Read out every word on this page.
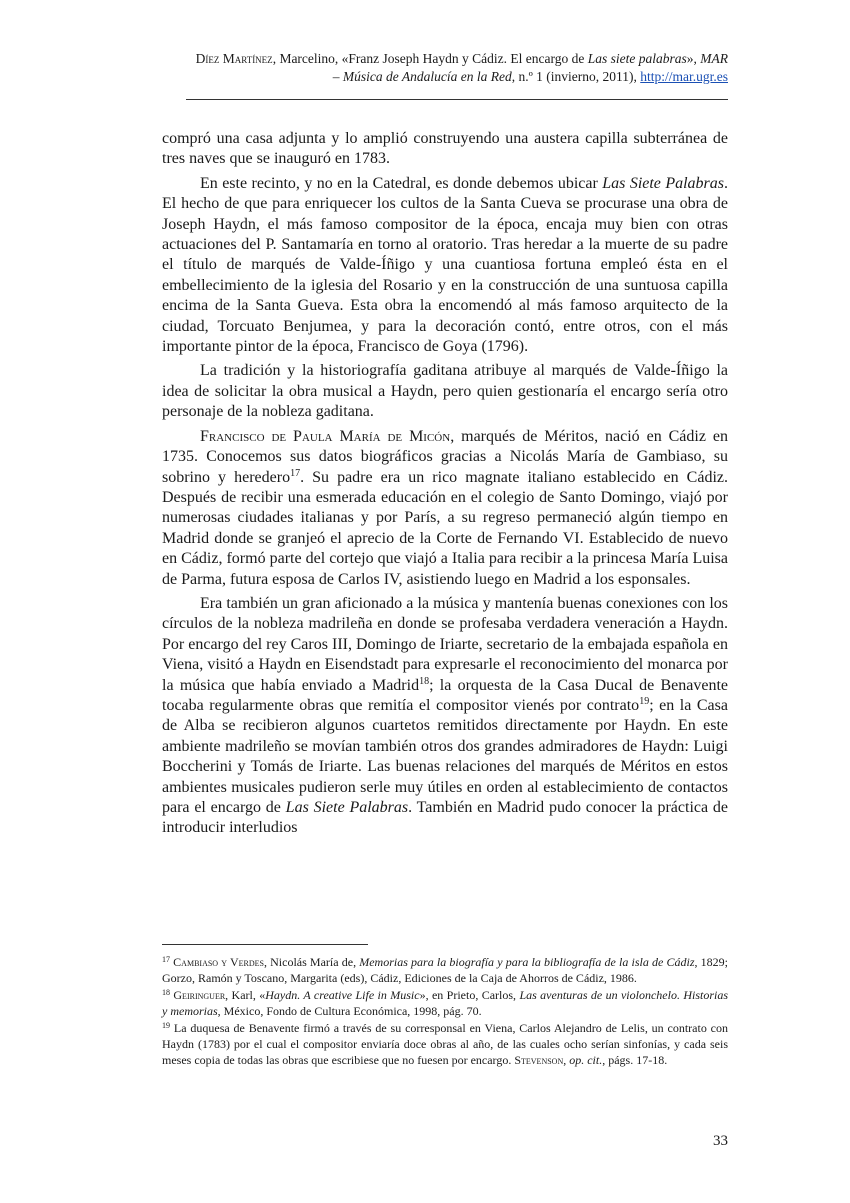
Díez Martínez, Marcelino, «Franz Joseph Haydn y Cádiz. El encargo de Las siete palabras», MAR
– Música de Andalucía en la Red, n.º 1 (invierno, 2011), http://mar.ugr.es

compró una casa adjunta y lo amplió construyendo una austera capilla subterránea de tres naves que se inauguró en 1783.

En este recinto, y no en la Catedral, es donde debemos ubicar Las Siete Palabras. El hecho de que para enriquecer los cultos de la Santa Cueva se procurase una obra de Joseph Haydn, el más famoso compositor de la época, encaja muy bien con otras actuaciones del P. Santamaría en torno al oratorio. Tras heredar a la muerte de su padre el título de marqués de Valde-Íñigo y una cuantiosa fortuna empleó ésta en el embellecimiento de la iglesia del Rosario y en la construcción de una suntuosa capilla encima de la Santa Gueva. Esta obra la encomendó al más famoso arquitecto de la ciudad, Torcuato Benjumea, y para la decoración contó, entre otros, con el más importante pintor de la época, Francisco de Goya (1796).

La tradición y la historiografía gaditana atribuye al marqués de Valde-Íñigo la idea de solicitar la obra musical a Haydn, pero quien gestionaría el encargo sería otro personaje de la nobleza gaditana.

Francisco de Paula María de Micón, marqués de Méritos, nació en Cádiz en 1735. Conocemos sus datos biográficos gracias a Nicolás María de Gambiaso, su sobrino y heredero$^{17}$. Su padre era un rico magnate italiano establecido en Cádiz. Después de recibir una esmerada educación en el colegio de Santo Domingo, viajó por numerosas ciudades italianas y por París, a su regreso permaneció algún tiempo en Madrid donde se granjeó el aprecio de la Corte de Fernando VI. Establecido de nuevo en Cádiz, formó parte del cortejo que viajó a Italia para recibir a la princesa María Luisa de Parma, futura esposa de Carlos IV, asistiendo luego en Madrid a los esponsales.

Era también un gran aficionado a la música y mantenía buenas conexiones con los círculos de la nobleza madrileña en donde se profesaba verdadera veneración a Haydn. Por encargo del rey Caros III, Domingo de Iriarte, secretario de la embajada española en Viena, visitó a Haydn en Eisendstadt para expresarle el reconocimiento del monarca por la música que había enviado a Madrid$^{18}$; la orquesta de la Casa Ducal de Benavente tocaba regularmente obras que remitía el compositor vienés por contrato$^{19}$; en la Casa de Alba se recibieron algunos cuartetos remitidos directamente por Haydn. En este ambiente madrileño se movían también otros dos grandes admiradores de Haydn: Luigi Boccherini y Tomás de Iriarte. Las buenas relaciones del marqués de Méritos en estos ambientes musicales pudieron serle muy útiles en orden al establecimiento de contactos para el encargo de Las Siete Palabras. También en Madrid pudo conocer la práctica de introducir interludios

$^{17}$ Cambiaso y Verdes, Nicolás María de, Memorias para la biografía y para la bibliografía de la isla de Cádiz, 1829; Gorzo, Ramón y Toscano, Margarita (eds), Cádiz, Ediciones de la Caja de Ahorros de Cádiz, 1986.

$^{18}$ Geiringuer, Karl, «Haydn. A creative Life in Music», en Prieto, Carlos, Las aventuras de un violonchelo. Historias y memorias, México, Fondo de Cultura Económica, 1998, pág. 70.

$^{19}$ La duquesa de Benavente firmó a través de su corresponsal en Viena, Carlos Alejandro de Lelis, un contrato con Haydn (1783) por el cual el compositor enviaría doce obras al año, de las cuales ocho serían sinfonías, y cada seis meses copia de todas las obras que escribiese que no fuesen por encargo. Stevenson, op. cit., págs. 17-18.

33
